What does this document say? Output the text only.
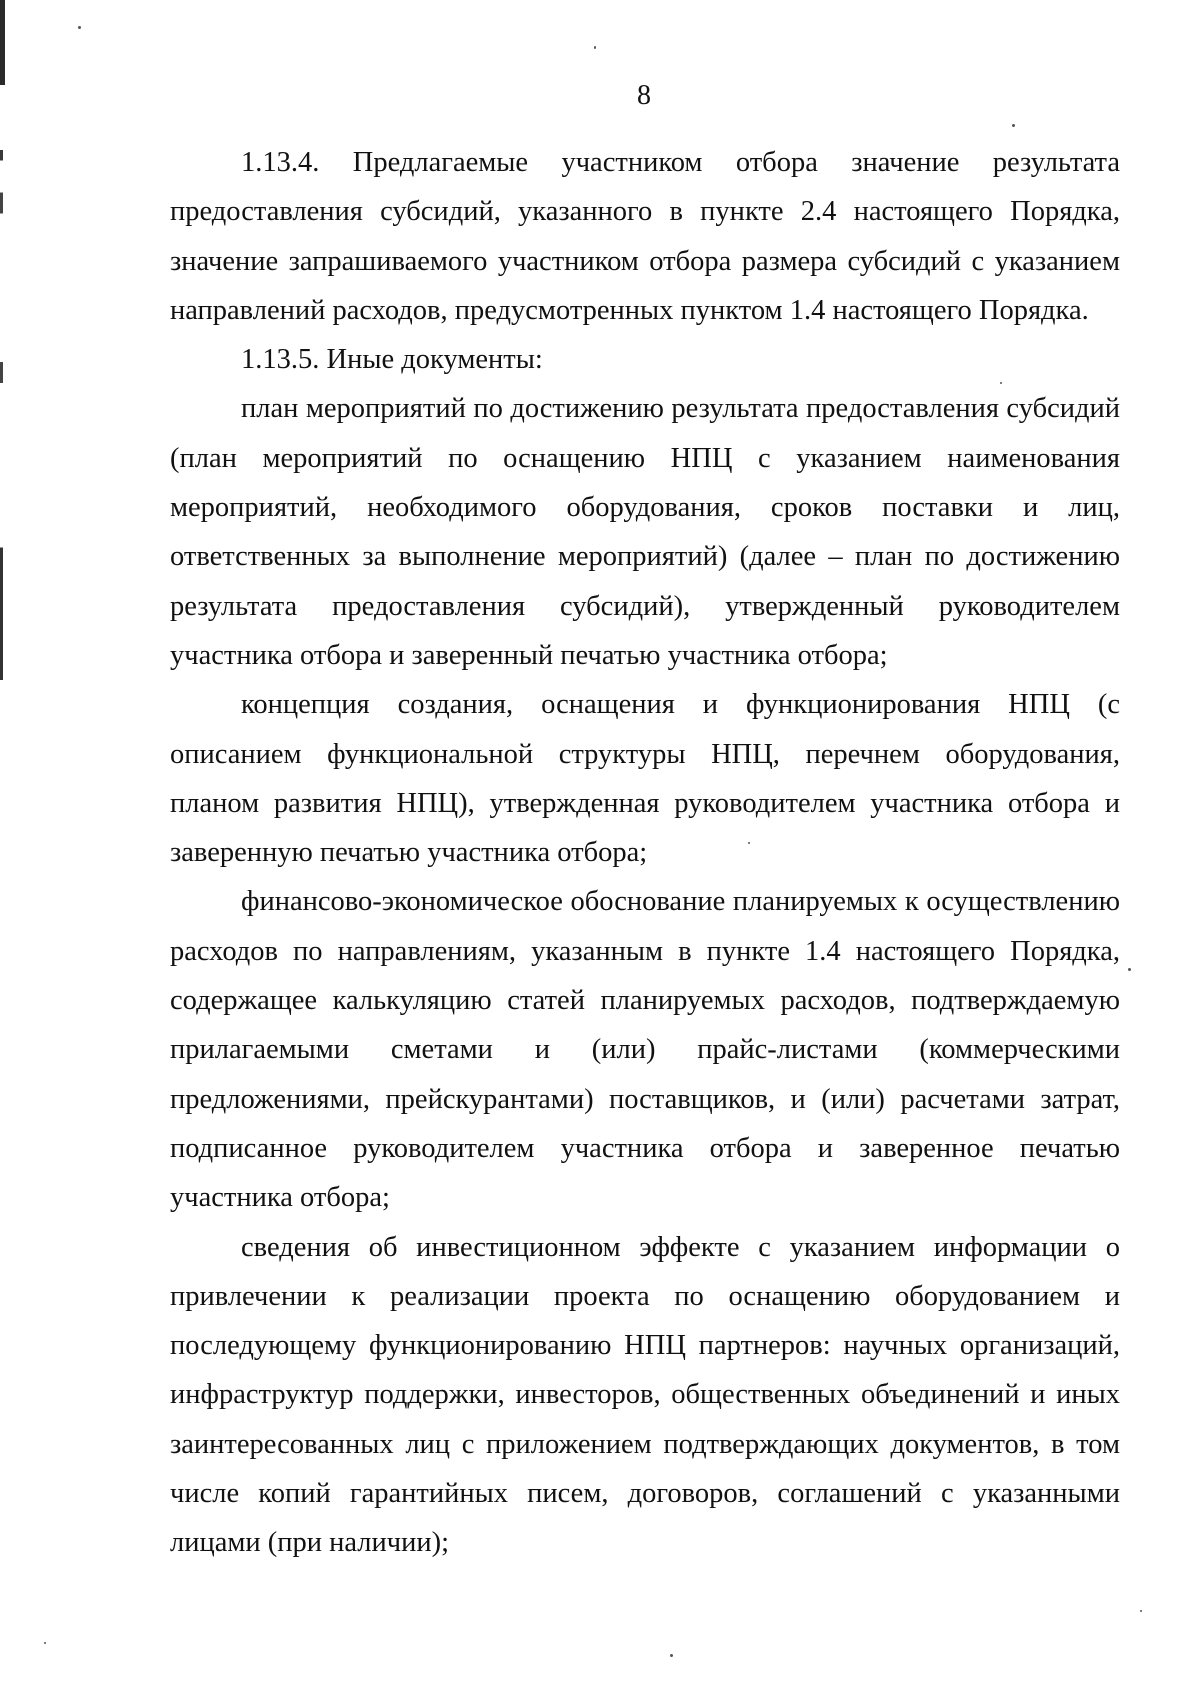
8

1.13.4. Предлагаемые участником отбора значение результата предоставления субсидий, указанного в пункте 2.4 настоящего Порядка, значение запрашиваемого участником отбора размера субсидий с указанием направлений расходов, предусмотренных пунктом 1.4 настоящего Порядка.

1.13.5. Иные документы:

план мероприятий по достижению результата предоставления субсидий (план мероприятий по оснащению НПЦ с указанием наименования мероприятий, необходимого оборудования, сроков поставки и лиц, ответственных за выполнение мероприятий) (далее – план по достижению результата предоставления субсидий), утвержденный руководителем участника отбора и заверенный печатью участника отбора;

концепция создания, оснащения и функционирования НПЦ (с описанием функциональной структуры НПЦ, перечнем оборудования, планом развития НПЦ), утвержденная руководителем участника отбора и заверенную печатью участника отбора;

финансово-экономическое обоснование планируемых к осуществлению расходов по направлениям, указанным в пункте 1.4 настоящего Порядка, содержащее калькуляцию статей планируемых расходов, подтверждаемую прилагаемыми сметами и (или) прайс-листами (коммерческими предложениями, прейскурантами) поставщиков, и (или) расчетами затрат, подписанное руководителем участника отбора и заверенное печатью участника отбора;

сведения об инвестиционном эффекте с указанием информации о привлечении к реализации проекта по оснащению оборудованием и последующему функционированию НПЦ партнеров: научных организаций, инфраструктур поддержки, инвесторов, общественных объединений и иных заинтересованных лиц с приложением подтверждающих документов, в том числе копий гарантийных писем, договоров, соглашений с указанными лицами (при наличии);
